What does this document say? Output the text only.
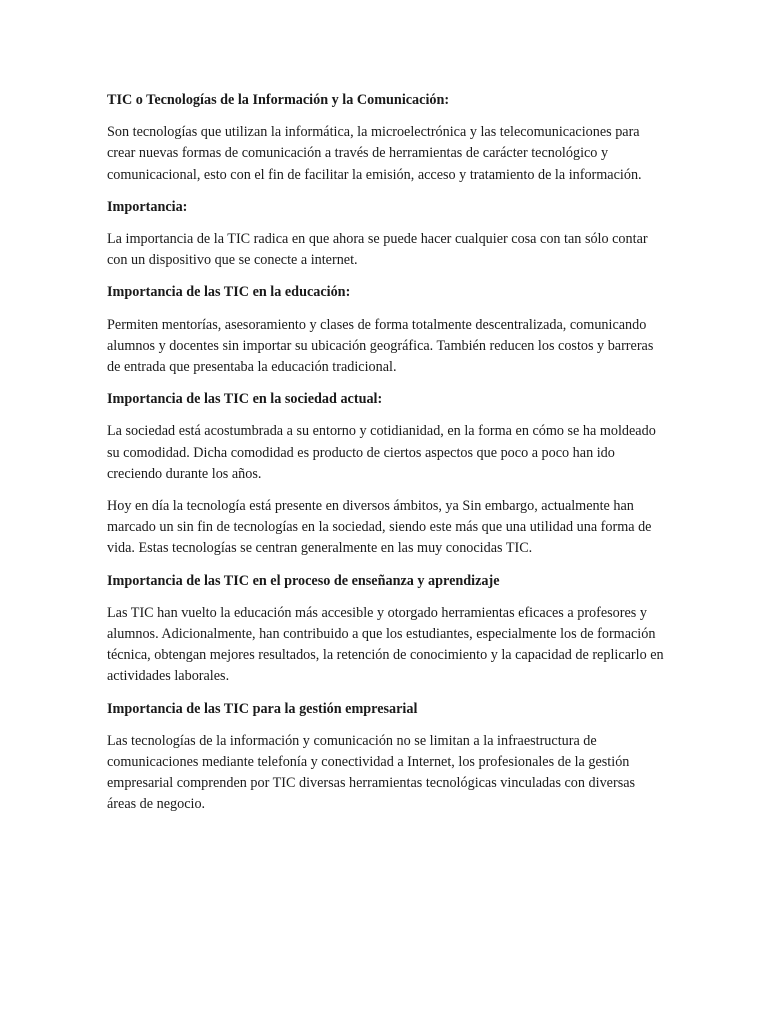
TIC o Tecnologías de la Información y la Comunicación:

Son tecnologías que utilizan la informática, la microelectrónica y las telecomunicaciones para crear nuevas formas de comunicación a través de herramientas de carácter tecnológico y comunicacional, esto con el fin de facilitar la emisión, acceso y tratamiento de la información.

Importancia:

La importancia de la TIC radica en que ahora se puede hacer cualquier cosa con tan sólo contar con un dispositivo que se conecte a internet.

Importancia de las TIC en la educación:

Permiten mentorías, asesoramiento y clases de forma totalmente descentralizada, comunicando alumnos y docentes sin importar su ubicación geográfica. También reducen los costos y barreras de entrada que presentaba la educación tradicional.

Importancia de las TIC en la sociedad actual:

La sociedad está acostumbrada a su entorno y cotidianidad, en la forma en cómo se ha moldeado su comodidad. Dicha comodidad es producto de ciertos aspectos que poco a poco han ido creciendo durante los años.

Hoy en día la tecnología está presente en diversos ámbitos, ya Sin embargo, actualmente han marcado un sin fin de tecnologías en la sociedad, siendo este más que una utilidad una forma de vida. Estas tecnologías se centran generalmente en las muy conocidas TIC.

Importancia de las TIC en el proceso de enseñanza y aprendizaje

Las TIC han vuelto la educación más accesible y otorgado herramientas eficaces a profesores y alumnos. Adicionalmente, han contribuido a que los estudiantes, especialmente los de formación técnica, obtengan mejores resultados, la retención de conocimiento y la capacidad de replicarlo en actividades laborales.

Importancia de las TIC para la gestión empresarial

Las tecnologías de la información y comunicación no se limitan a la infraestructura de comunicaciones mediante telefonía y conectividad a Internet, los profesionales de la gestión empresarial comprenden por TIC diversas herramientas tecnológicas vinculadas con diversas áreas de negocio.
